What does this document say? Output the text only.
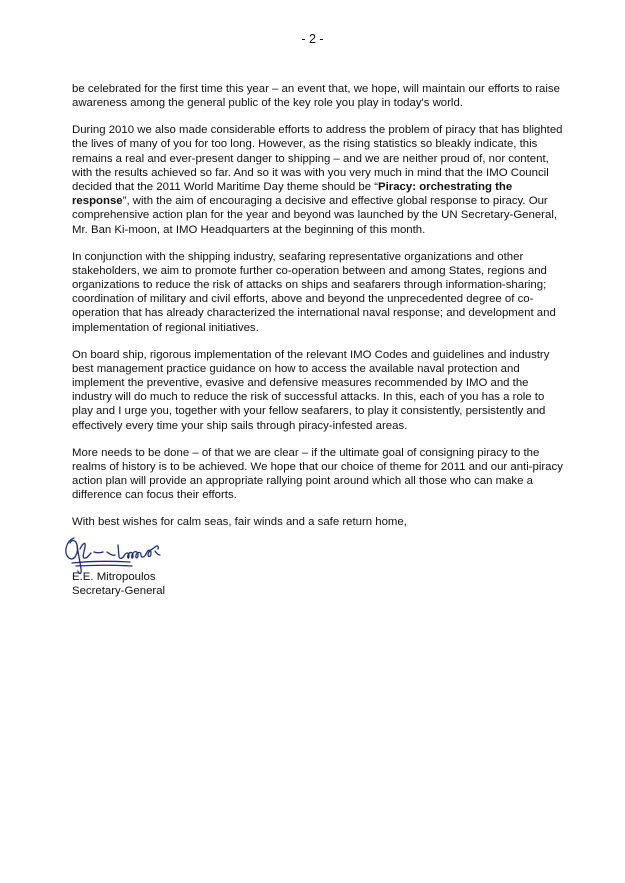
- 2 -

be celebrated for the first time this year – an event that, we hope, will maintain our efforts to raise awareness among the general public of the key role you play in today's world.

During 2010 we also made considerable efforts to address the problem of piracy that has blighted the lives of many of you for too long. However, as the rising statistics so bleakly indicate, this remains a real and ever-present danger to shipping – and we are neither proud of, nor content, with the results achieved so far. And so it was with you very much in mind that the IMO Council decided that the 2011 World Maritime Day theme should be “Piracy: orchestrating the response”, with the aim of encouraging a decisive and effective global response to piracy. Our comprehensive action plan for the year and beyond was launched by the UN Secretary-General, Mr. Ban Ki-moon, at IMO Headquarters at the beginning of this month.

In conjunction with the shipping industry, seafaring representative organizations and other stakeholders, we aim to promote further co-operation between and among States, regions and organizations to reduce the risk of attacks on ships and seafarers through information-sharing; coordination of military and civil efforts, above and beyond the unprecedented degree of co-operation that has already characterized the international naval response; and development and implementation of regional initiatives.

On board ship, rigorous implementation of the relevant IMO Codes and guidelines and industry best management practice guidance on how to access the available naval protection and implement the preventive, evasive and defensive measures recommended by IMO and the industry will do much to reduce the risk of successful attacks. In this, each of you has a role to play and I urge you, together with your fellow seafarers, to play it consistently, persistently and effectively every time your ship sails through piracy-infested areas.

More needs to be done – of that we are clear – if the ultimate goal of consigning piracy to the realms of history is to be achieved. We hope that our choice of theme for 2011 and our anti-piracy action plan will provide an appropriate rallying point around which all those who can make a difference can focus their efforts.

With best wishes for calm seas, fair winds and a safe return home,

E.E. Mitropoulos
Secretary-General
